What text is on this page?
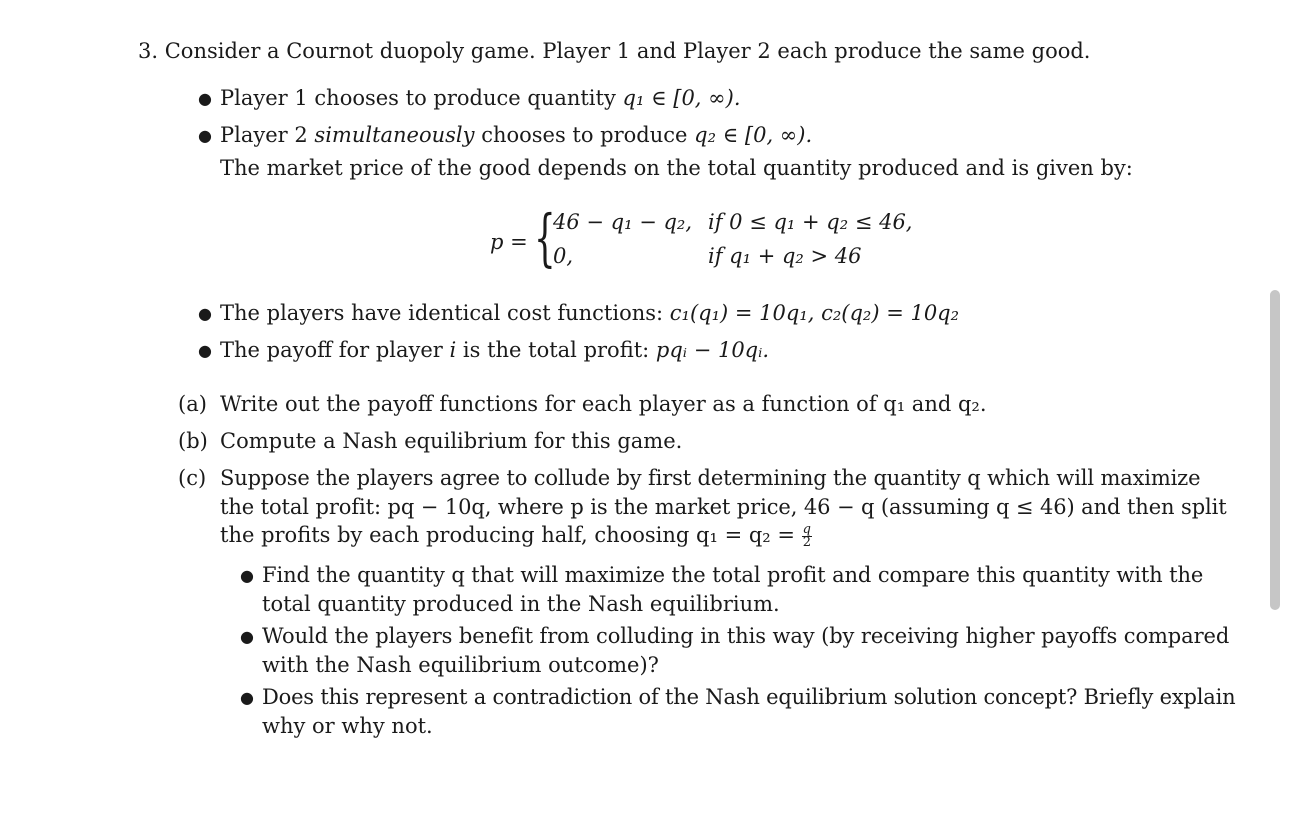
3. Consider a Cournot duopoly game. Player 1 and Player 2 each produce the same good.
● Player 1 chooses to produce quantity q₁ ∈ [0, ∞).
● Player 2 simultaneously chooses to produce q₂ ∈ [0, ∞).
The market price of the good depends on the total quantity produced and is given by:
p = {
46 − q₁ − q₂, if 0 ≤ q₁ + q₂ ≤ 46,
0,	if q₁ + q₂ > 46
● The players have identical cost functions: c₁(q₁) = 10q₁, c₂(q₂) = 10q₂
● The payoff for player i is the total profit: pqᵢ − 10qᵢ.
(a) Write out the payoff functions for each player as a function of q₁ and q₂.
(b) Compute a Nash equilibrium for this game.
(c) Suppose the players agree to collude by first determining the quantity q which will maximize
the total profit: pq − 10q, where p is the market price, 46 − q (assuming q ≤ 46) and then split
the profits by each producing half, choosing $q_1 = q_2 = \frac{q}{2}$
● Find the quantity q that will maximize the total profit and compare this quantity with the
total quantity produced in the Nash equilibrium.
● Would the players benefit from colluding in this way (by receiving higher payoffs compared
with the Nash equilibrium outcome)?
● Does this represent a contradiction of the Nash equilibrium solution concept? Briefly explain
why or why not.
